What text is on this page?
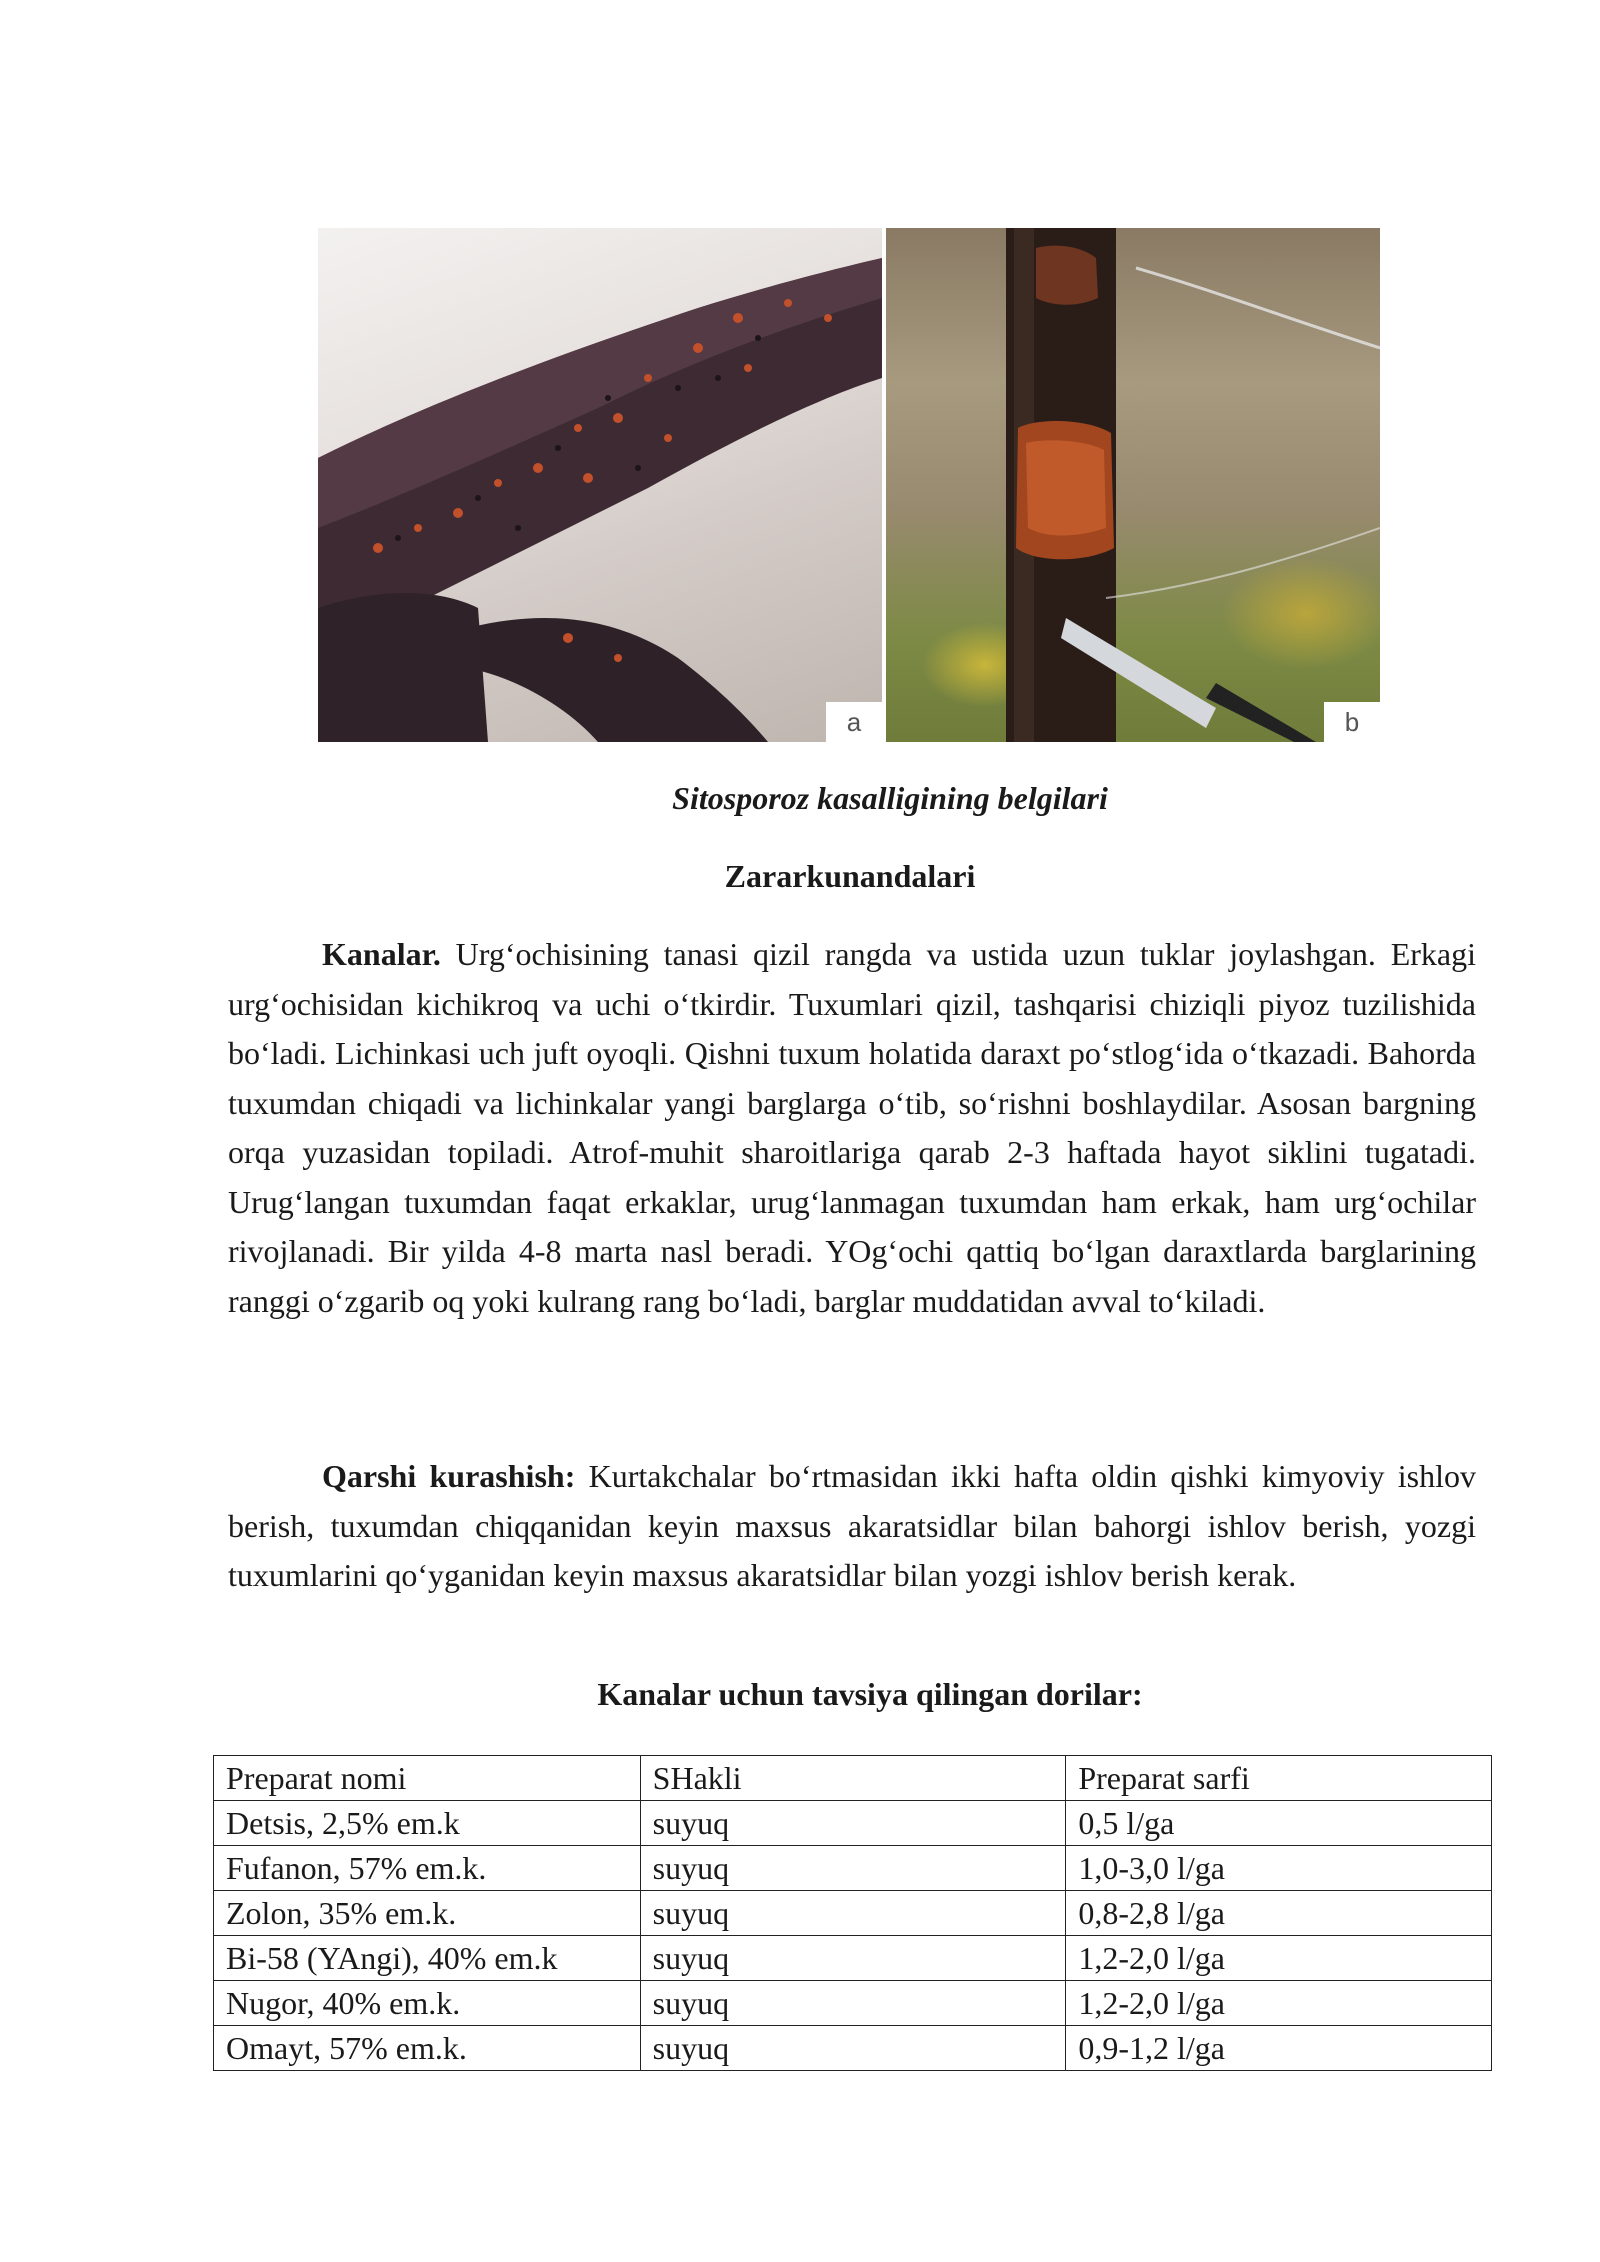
a	b
Sitosporoz kasalligining belgilari
Zararkunandalari

Kanalar. Urg‘ochisining tanasi qizil rangda va ustida uzun tuklar joylashgan. Erkagi urg‘ochisidan kichikroq va uchi o‘tkirdir. Tuxumlari qizil, tashqarisi chiziqli piyoz tuzilishida bo‘ladi. Lichinkasi uch juft oyoqli. Qishni tuxum holatida daraxt po‘stlog‘ida o‘tkazadi. Bahorda tuxumdan chiqadi va lichinkalar yangi barglarga o‘tib, so‘rishni boshlaydilar. Asosan bargning orqa yuzasidan topiladi. Atrof-muhit sharoitlariga qarab 2-3 haftada hayot siklini tugatadi. Urug‘langan tuxumdan faqat erkaklar, urug‘lanmagan tuxumdan ham erkak, ham urg‘ochilar rivojlanadi. Bir yilda 4-8 marta nasl beradi. YOg‘ochi qattiq bo‘lgan daraxtlarda barglarining ranggi o‘zgarib oq yoki kulrang rang bo‘ladi, barglar muddatidan avval to‘kiladi.

Qarshi kurashish: Kurtakchalar bo‘rtmasidan ikki hafta oldin qishki kimyoviy ishlov berish, tuxumdan chiqqanidan keyin maxsus akaratsidlar bilan bahorgi ishlov berish, yozgi tuxumlarini qo‘yganidan keyin maxsus akaratsidlar bilan yozgi ishlov berish kerak.

Kanalar uchun tavsiya qilingan dorilar:
Preparat nomi	SHakli	Preparat sarfi
Detsis, 2,5% em.k	suyuq	0,5 l/ga
Fufanon, 57% em.k.	suyuq	1,0-3,0 l/ga
Zolon, 35% em.k.	suyuq	0,8-2,8 l/ga
Bi-58 (YAngi), 40% em.k	suyuq	1,2-2,0 l/ga
Nugor, 40% em.k.	suyuq	1,2-2,0 l/ga
Omayt, 57% em.k.	suyuq	0,9-1,2 l/ga
